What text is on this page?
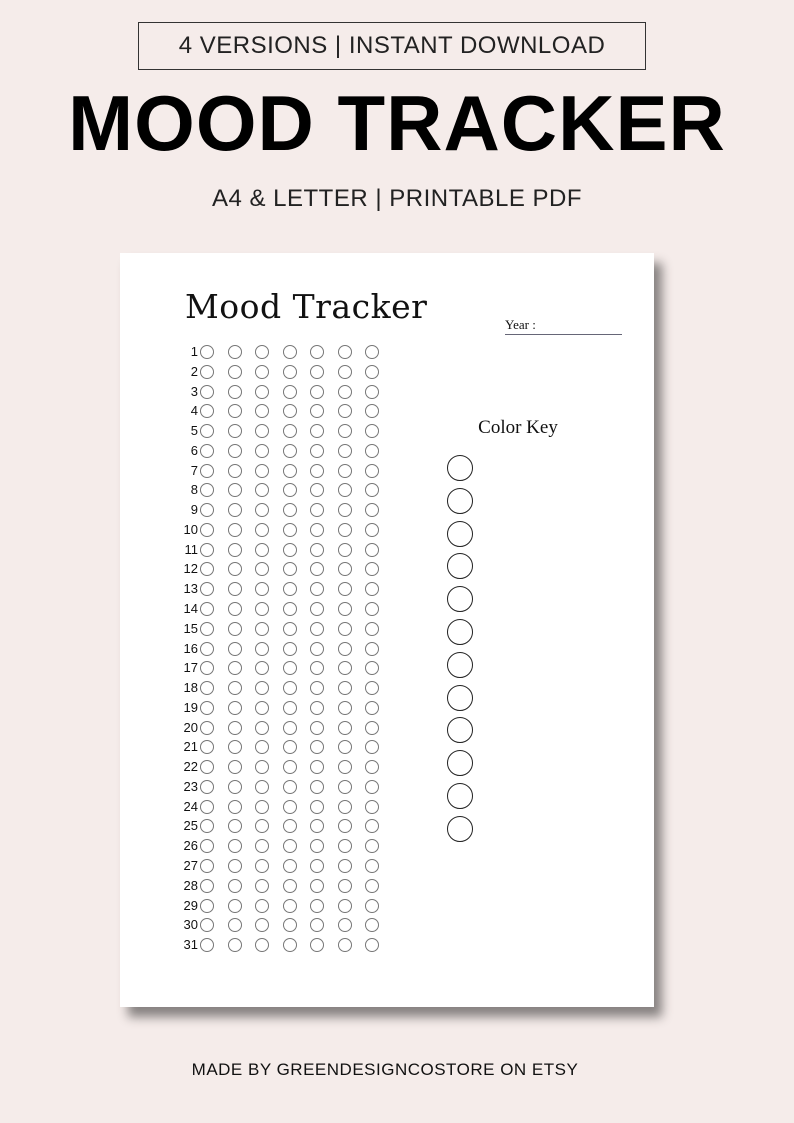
4 VERSIONS | INSTANT DOWNLOAD
MOOD TRACKER
A4 & LETTER | PRINTABLE PDF
Mood Tracker	Year :
Color Key
1
2
3
4
5
6
7
8
9
10
11
12
13
14
15
16
17
18
19
20
21
22
23
24
25
26
27
28
29
30
31
MADE BY GREENDESIGNCOSTORE ON ETSY
